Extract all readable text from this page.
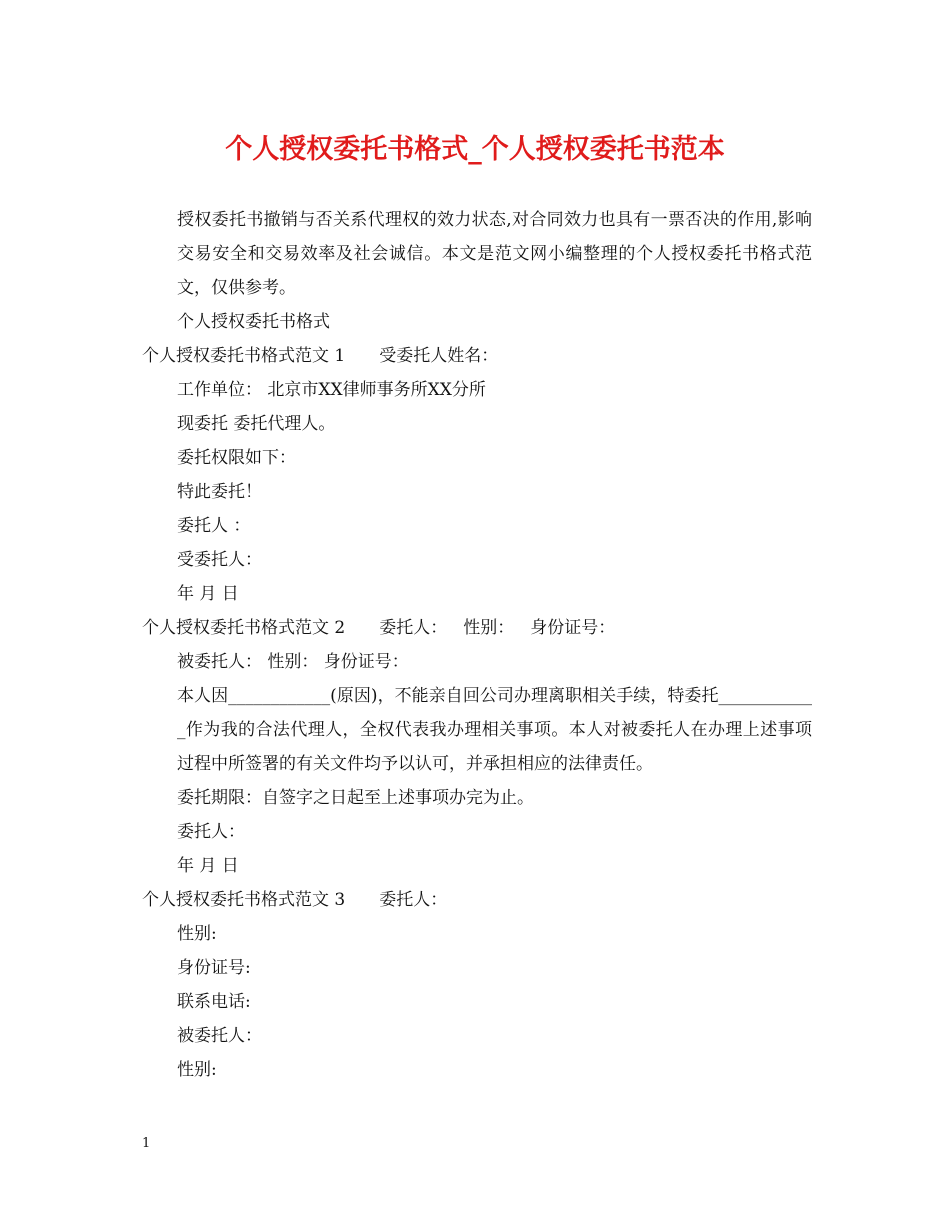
个人授权委托书格式_个人授权委托书范本
授权委托书撤销与否关系代理权的效力状态,对合同效力也具有一票否决的作用,影响交易安全和交易效率及社会诚信。本文是范文网小编整理的个人授权委托书格式范文，仅供参考。
个人授权委托书格式
个人授权委托书格式范文 1 受委托人姓名：
工作单位： 北京市XX律师事务所XX分所
现委托 委托代理人。
委托权限如下：
特此委托！
委托人 ：
受委托人：
年 月 日
个人授权委托书格式范文 2 委托人： 性别： 身份证号：
被委托人： 性别： 身份证号：
本人因____________(原因)，不能亲自回公司办理离职相关手续，特委托____________作为我的合法代理人，全权代表我办理相关事项。本人对被委托人在办理上述事项过程中所签署的有关文件均予以认可，并承担相应的法律责任。
委托期限：自签字之日起至上述事项办完为止。
委托人：
年 月 日
个人授权委托书格式范文 3 委托人：
性别:
身份证号:
联系电话:
被委托人：
性别:
1
